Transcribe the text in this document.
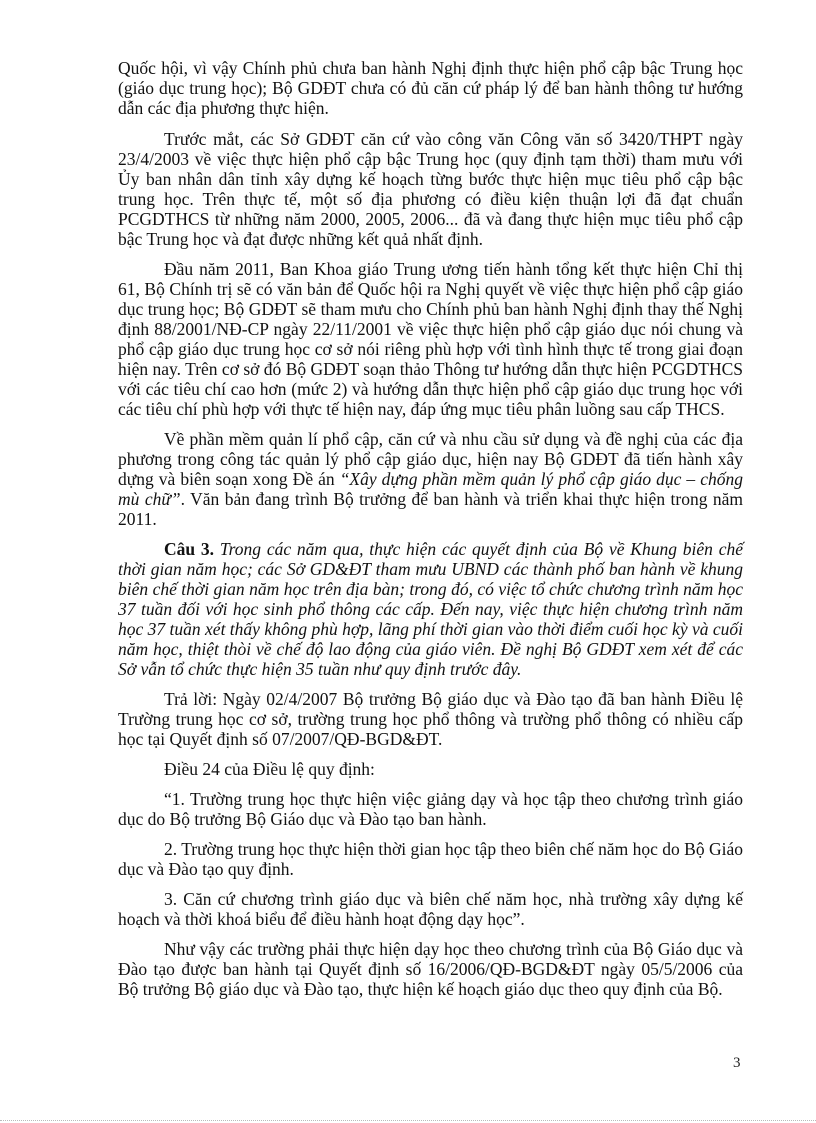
Quốc hội, vì vậy Chính phủ chưa ban hành Nghị định thực hiện phổ cập bậc Trung học (giáo dục trung học); Bộ GDĐT chưa có đủ căn cứ pháp lý để ban hành thông tư hướng dẫn các địa phương thực hiện.

Trước mắt, các Sở GDĐT căn cứ vào công văn Công văn số 3420/THPT ngày 23/4/2003 về việc thực hiện phổ cập bậc Trung học (quy định tạm thời) tham mưu với Ủy ban nhân dân tỉnh xây dựng kế hoạch từng bước thực hiện mục tiêu phổ cập bậc trung học. Trên thực tế, một số địa phương có điều kiện thuận lợi đã đạt chuẩn PCGDTHCS từ những năm 2000, 2005, 2006... đã và đang thực hiện mục tiêu phổ cập bậc Trung học và đạt được những kết quả nhất định.

Đầu năm 2011, Ban Khoa giáo Trung ương tiến hành tổng kết thực hiện Chỉ thị 61, Bộ Chính trị sẽ có văn bản để Quốc hội ra Nghị quyết về việc thực hiện phổ cập giáo dục trung học; Bộ GDĐT sẽ tham mưu cho Chính phủ ban hành Nghị định thay thế Nghị định 88/2001/NĐ-CP ngày 22/11/2001 về việc thực hiện phổ cập giáo dục nói chung và phổ cập giáo dục trung học cơ sở nói riêng phù hợp với tình hình thực tế trong giai đoạn hiện nay. Trên cơ sở đó Bộ GDĐT soạn thảo Thông tư hướng dẫn thực hiện PCGDTHCS với các tiêu chí cao hơn (mức 2) và hướng dẫn thực hiện phổ cập giáo dục trung học với các tiêu chí phù hợp với thực tế hiện nay, đáp ứng mục tiêu phân luồng sau cấp THCS.

Về phần mềm quản lí phổ cập, căn cứ và nhu cầu sử dụng và đề nghị của các địa phương trong công tác quản lý phổ cập giáo dục, hiện nay Bộ GDĐT đã tiến hành xây dựng và biên soạn xong Đề án “Xây dựng phần mềm quản lý phổ cập giáo dục – chống mù chữ”. Văn bản đang trình Bộ trưởng để ban hành và triển khai thực hiện trong năm 2011.

Câu 3. Trong các năm qua, thực hiện các quyết định của Bộ về Khung biên chế thời gian năm học; các Sở GD&ĐT tham mưu UBND các thành phố ban hành về khung biên chế thời gian năm học trên địa bàn; trong đó, có việc tổ chức chương trình năm học 37 tuần đối với học sinh phổ thông các cấp. Đến nay, việc thực hiện chương trình năm học 37 tuần xét thấy không phù hợp, lãng phí thời gian vào thời điểm cuối học kỳ và cuối năm học, thiệt thòi về chế độ lao động của giáo viên. Đề nghị Bộ GDĐT xem xét để các Sở vẫn tổ chức thực hiện 35 tuần như quy định trước đây.

Trả lời: Ngày 02/4/2007 Bộ trưởng Bộ giáo dục và Đào tạo đã ban hành Điều lệ Trường trung học cơ sở, trường trung học phổ thông và trường phổ thông có nhiều cấp học tại Quyết định số 07/2007/QĐ-BGD&ĐT.

Điều 24 của Điều lệ quy định:

“1. Trường trung học thực hiện việc giảng dạy và học tập theo chương trình giáo dục do Bộ trưởng Bộ Giáo dục và Đào tạo ban hành.

2. Trường trung học thực hiện thời gian học tập theo biên chế năm học do Bộ Giáo dục và Đào tạo quy định.

3. Căn cứ chương trình giáo dục và biên chế năm học, nhà trường xây dựng kế hoạch và thời khoá biểu để điều hành hoạt động dạy học”.

Như vậy các trường phải thực hiện dạy học theo chương trình của Bộ Giáo dục và Đào tạo được ban hành tại Quyết định số 16/2006/QĐ-BGD&ĐT ngày 05/5/2006 của Bộ trưởng Bộ giáo dục và Đào tạo, thực hiện kế hoạch giáo dục theo quy định của Bộ.

3
